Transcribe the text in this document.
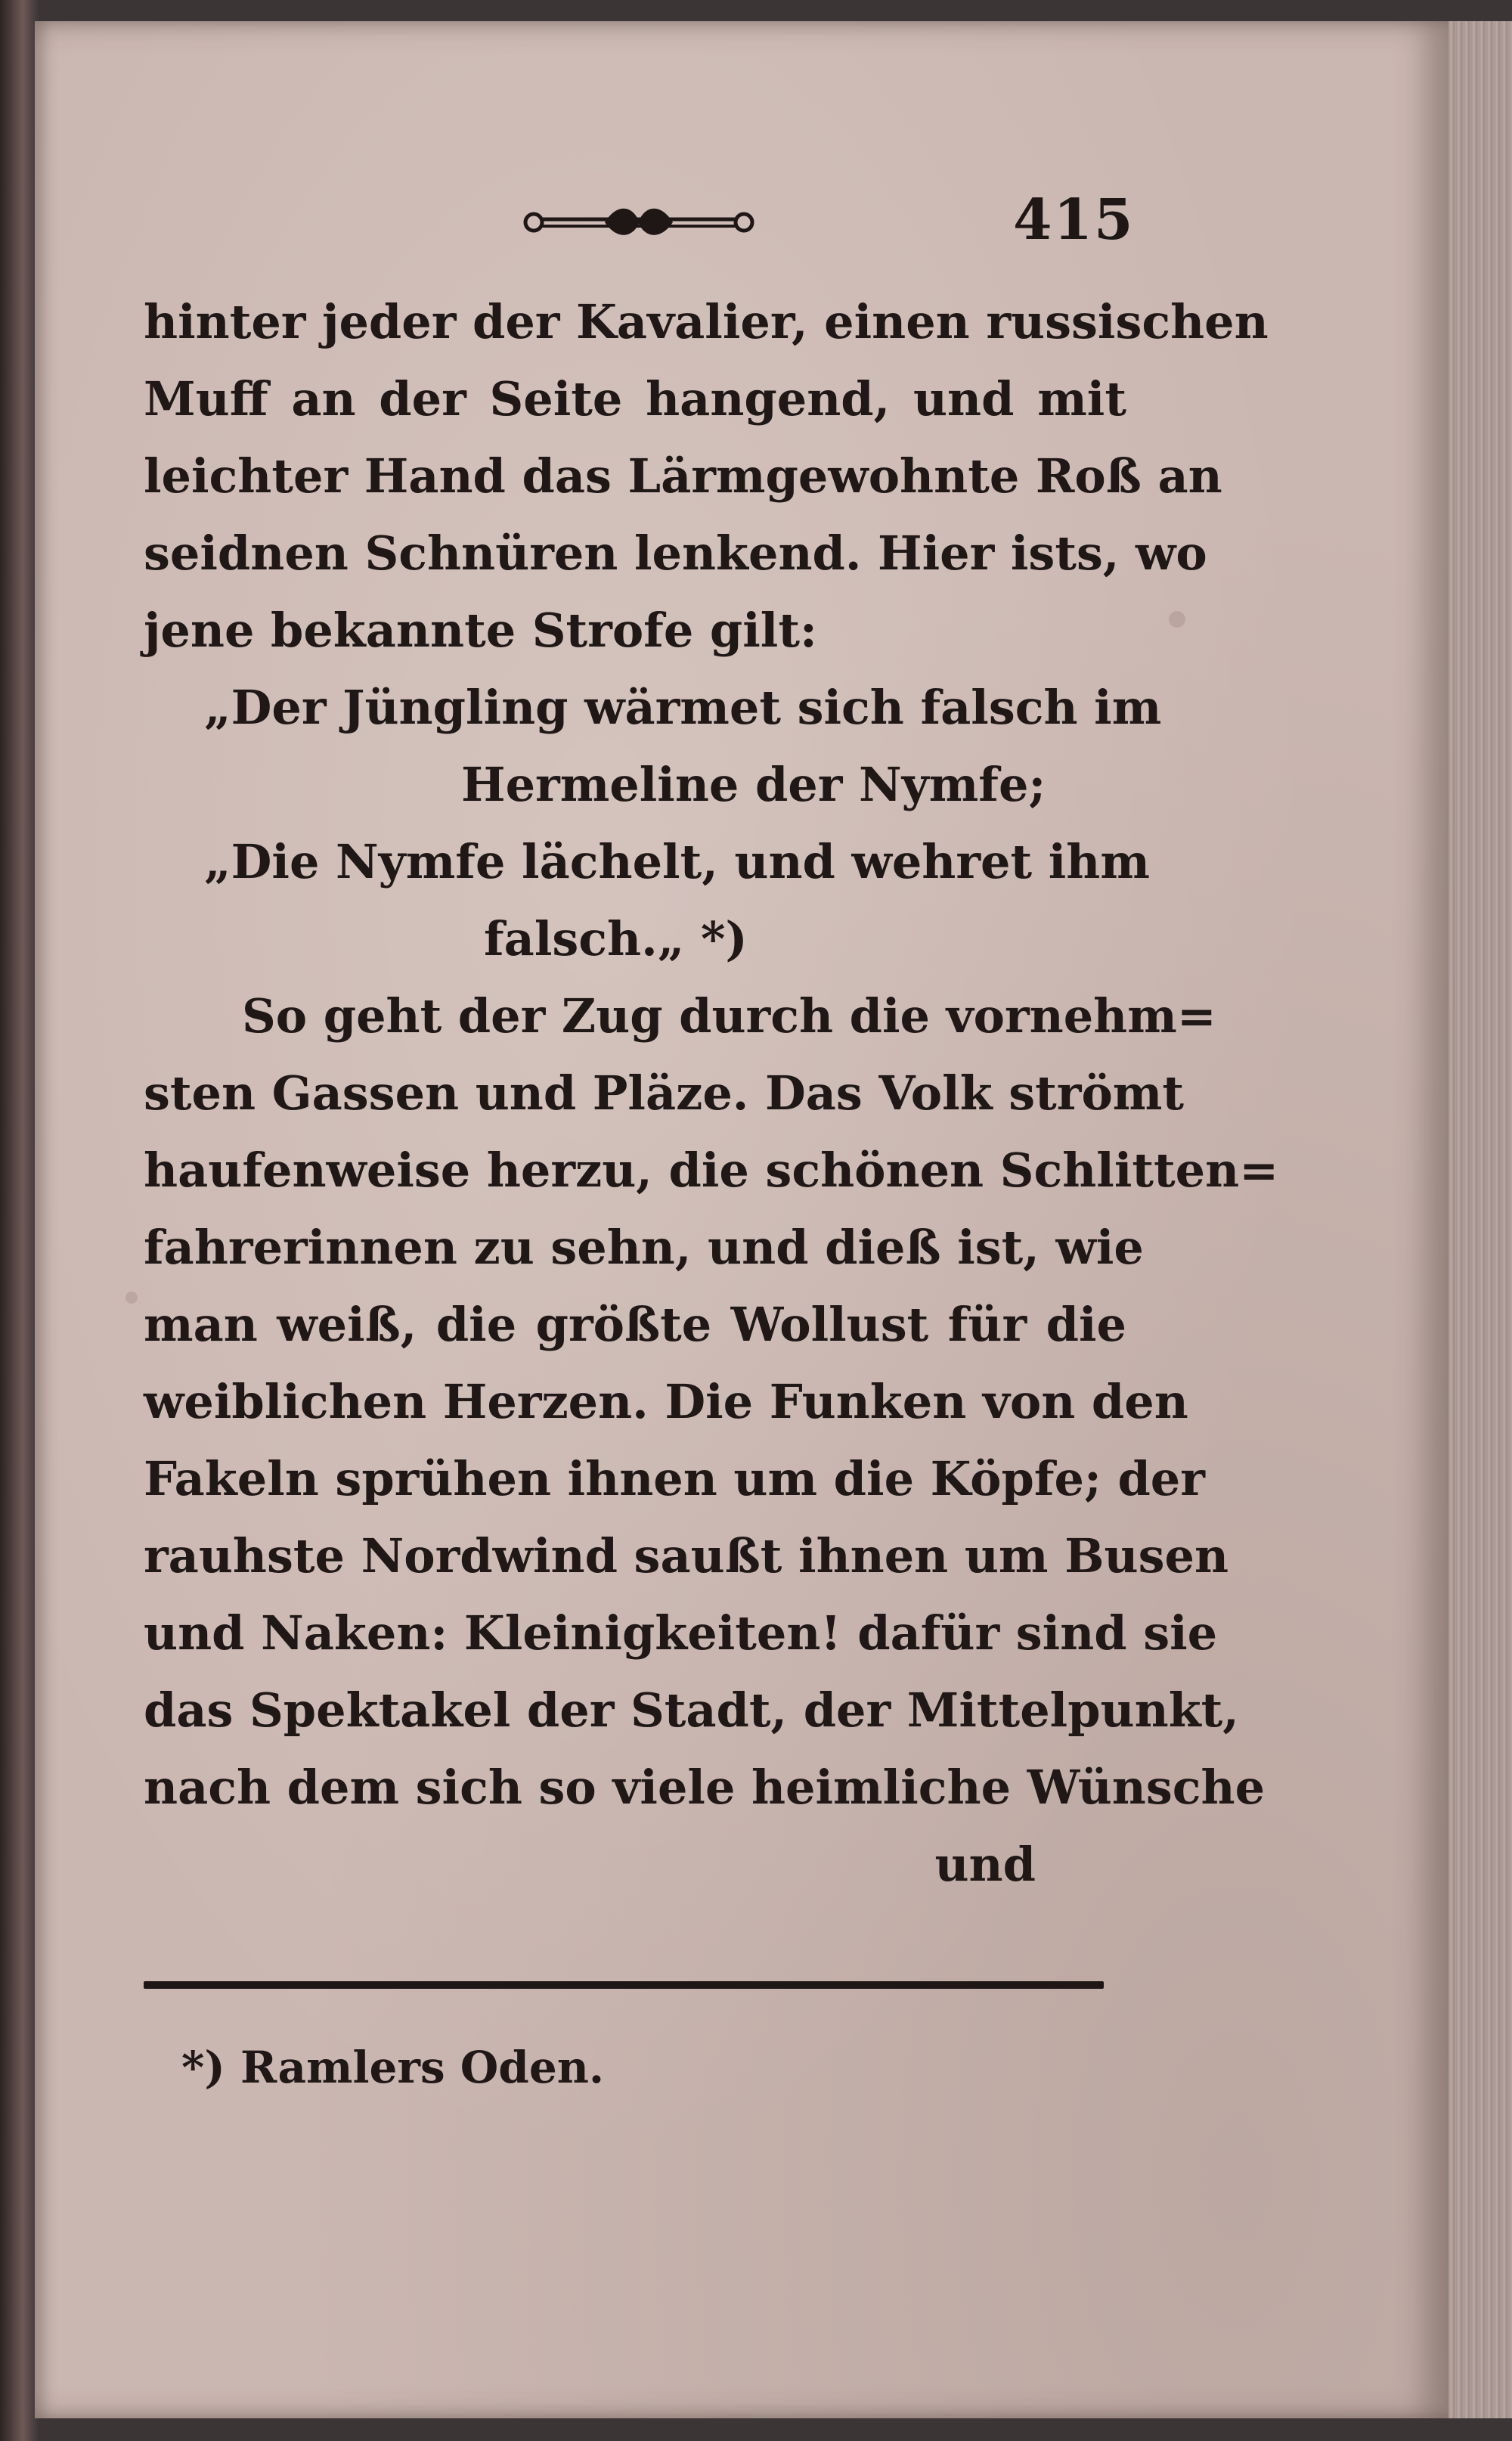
415
hinter jeder der Kavalier, einen russischen
Muff an der Seite hangend, und mit
leichter Hand das Lärmgewohnte Roß an
seidnen Schnüren lenkend. Hier ists, wo
jene bekannte Strofe gilt:
„Der Jüngling wärmet sich falsch im
Hermeline der Nymfe;
„Die Nymfe lächelt, und wehret ihm
falsch.„ *)
So geht der Zug durch die vornehm=
sten Gassen und Pläze. Das Volk strömt
haufenweise herzu, die schönen Schlitten=
fahrerinnen zu sehn, und dieß ist, wie
man weiß, die größte Wollust für die
weiblichen Herzen. Die Funken von den
Fakeln sprühen ihnen um die Köpfe; der
rauhste Nordwind saußt ihnen um Busen
und Naken: Kleinigkeiten! dafür sind sie
das Spektakel der Stadt, der Mittelpunkt,
nach dem sich so viele heimliche Wünsche
und
*) Ramlers Oden.
